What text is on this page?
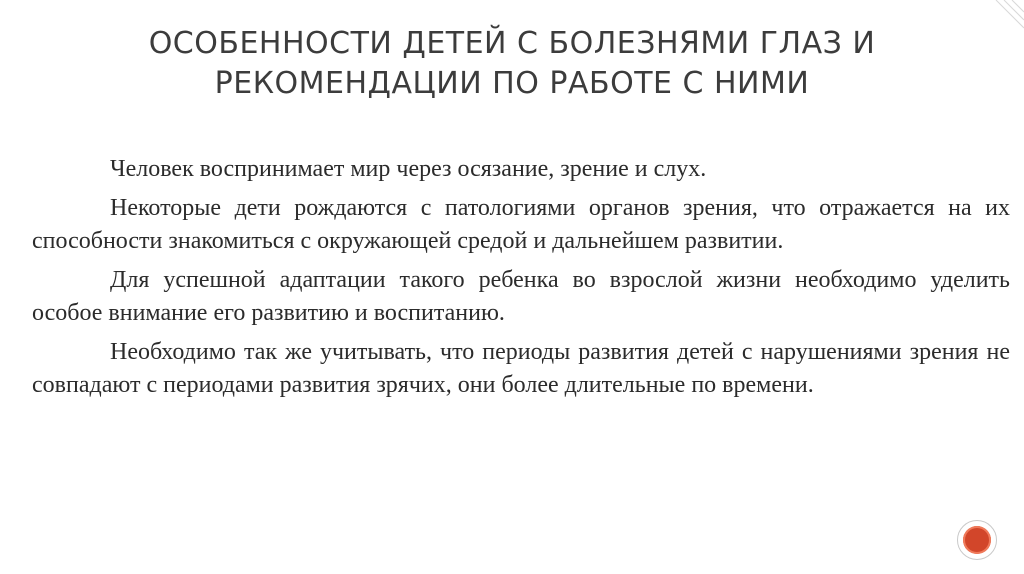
ОСОБЕННОСТИ ДЕТЕЙ С БОЛЕЗНЯМИ ГЛАЗ И
РЕКОМЕНДАЦИИ ПО РАБОТЕ С НИМИ

Человек воспринимает мир через осязание, зрение и слух.

Некоторые дети рождаются с патологиями органов зрения, что отражается на их способности знакомиться с окружающей средой и дальнейшем развитии.

Для успешной адаптации такого ребенка во взрослой жизни необходимо уделить особое внимание его развитию и воспитанию.

Необходимо так же учитывать, что периоды развития детей с нарушениями зрения не совпадают с периодами развития зрячих, они более длительные по времени.
